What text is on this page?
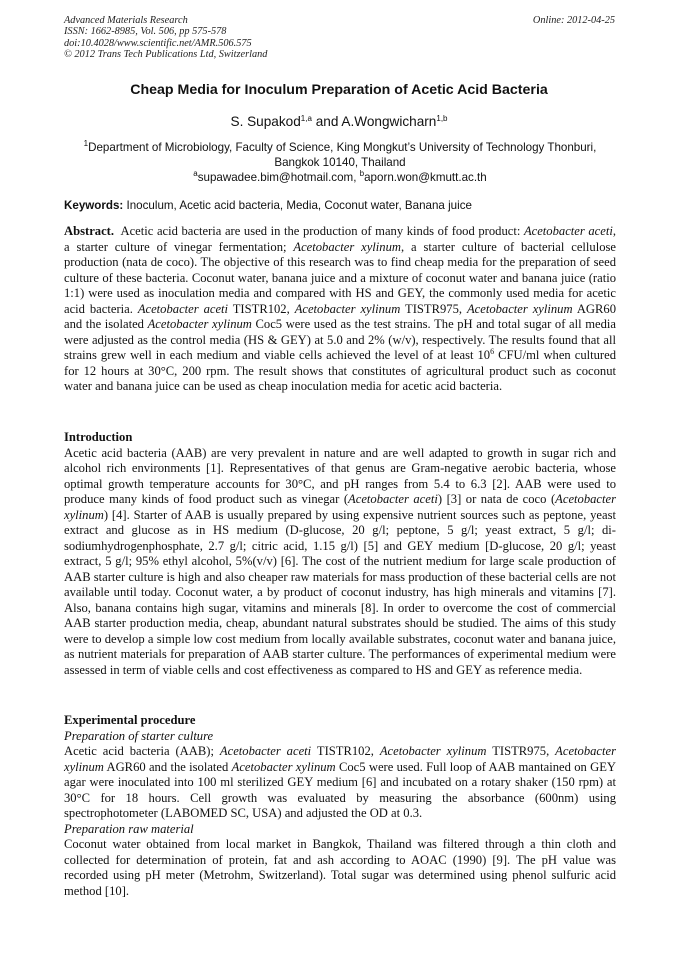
Advanced Materials Research
ISSN: 1662-8985, Vol. 506, pp 575-578
doi:10.4028/www.scientific.net/AMR.506.575
© 2012 Trans Tech Publications Ltd, Switzerland
Online: 2012-04-25
Cheap Media for Inoculum Preparation of Acetic Acid Bacteria
S. Supakod$^{1,a}$ and A.Wongwicharn$^{1,b}$
$^1$Department of Microbiology, Faculty of Science, King Mongkut’s University of Technology Thonburi,
Bangkok 10140, Thailand
$^a$supawadee.bim@hotmail.com, $^b$aporn.won@kmutt.ac.th
Keywords: Inoculum, Acetic acid bacteria, Media, Coconut water, Banana juice

Abstract. Acetic acid bacteria are used in the production of many kinds of food product: Acetobacter aceti, a starter culture of vinegar fermentation; Acetobacter xylinum, a starter culture of bacterial cellulose production (nata de coco). The objective of this research was to find cheap media for the preparation of seed culture of these bacteria. Coconut water, banana juice and a mixture of coconut water and banana juice (ratio 1:1) were used as inoculation media and compared with HS and GEY, the commonly used media for acetic acid bacteria. Acetobacter aceti TISTR102, Acetobacter xylinum TISTR975, Acetobacter xylinum AGR60 and the isolated Acetobacter xylinum Coc5 were used as the test strains. The pH and total sugar of all media were adjusted as the control media (HS & GEY) at 5.0 and 2% (w/v), respectively. The results found that all strains grew well in each medium and viable cells achieved the level of at least $10^6$ CFU/ml when cultured for 12 hours at 30°C, 200 rpm. The result shows that constitutes of agricultural product such as coconut water and banana juice can be used as cheap inoculation media for acetic acid bacteria.

Introduction

Acetic acid bacteria (AAB) are very prevalent in nature and are well adapted to growth in sugar rich and alcohol rich environments [1]. Representatives of that genus are Gram-negative aerobic bacteria, whose optimal growth temperature accounts for 30°C, and pH ranges from 5.4 to 6.3 [2]. AAB were used to produce many kinds of food product such as vinegar (Acetobacter aceti) [3] or nata de coco (Acetobacter xylinum) [4]. Starter of AAB is usually prepared by using expensive nutrient sources such as peptone, yeast extract and glucose as in HS medium (D-glucose, 20 g/l; peptone, 5 g/l; yeast extract, 5 g/l; di-sodiumhydrogenphosphate, 2.7 g/l; citric acid, 1.15 g/l) [5] and GEY medium [D-glucose, 20 g/l; yeast extract, 5 g/l; 95% ethyl alcohol, 5%(v/v) [6]. The cost of the nutrient medium for large scale production of AAB starter culture is high and also cheaper raw materials for mass production of these bacterial cells are not available until today. Coconut water, a by product of coconut industry, has high minerals and vitamins [7]. Also, banana contains high sugar, vitamins and minerals [8]. In order to overcome the cost of commercial AAB starter production media, cheap, abundant natural substrates should be studied. The aims of this study were to develop a simple low cost medium from locally available substrates, coconut water and banana juice, as nutrient materials for preparation of AAB starter culture. The performances of experimental medium were assessed in term of viable cells and cost effectiveness as compared to HS and GEY as reference media.

Experimental procedure
Preparation of starter culture

Acetic acid bacteria (AAB); Acetobacter aceti TISTR102, Acetobacter xylinum TISTR975, Acetobacter xylinum AGR60 and the isolated Acetobacter xylinum Coc5 were used. Full loop of AAB mantained on GEY agar were inoculated into 100 ml sterilized GEY medium [6] and incubated on a rotary shaker (150 rpm) at 30°C for 18 hours. Cell growth was evaluated by measuring the absorbance (600nm) using spectrophotometer (LABOMED SC, USA) and adjusted the OD at 0.3.

Preparation raw material

Coconut water obtained from local market in Bangkok, Thailand was filtered through a thin cloth and collected for determination of protein, fat and ash according to AOAC (1990) [9]. The pH value was recorded using pH meter (Metrohm, Switzerland). Total sugar was determined using phenol sulfuric acid method [10].
